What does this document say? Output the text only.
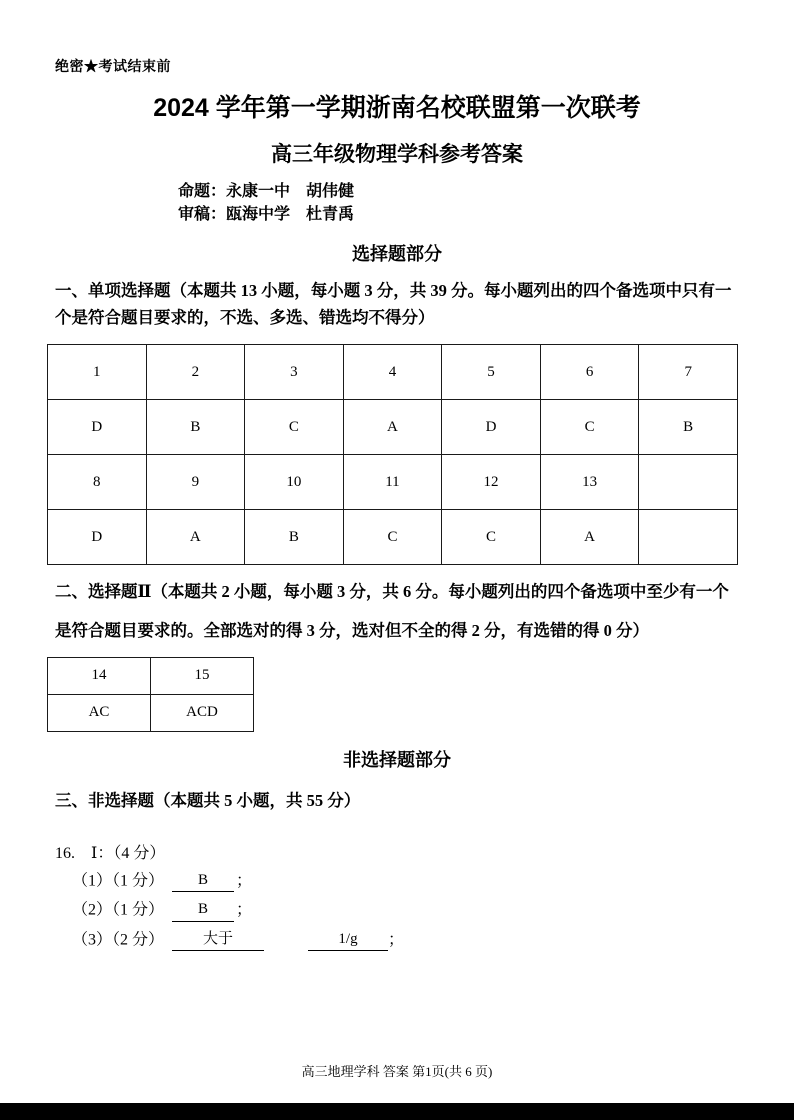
绝密★考试结束前
2024 学年第一学期浙南名校联盟第一次联考
高三年级物理学科参考答案
命题：永康一中　胡伟健
审稿：瓯海中学　杜青禹
选择题部分

一、单项选择题（本题共 13 小题，每小题 3 分，共 39 分。每小题列出的四个备选项中只有一个是符合题目要求的，不选、多选、错选均不得分）

1	2	3	4	5	6	7
D	B	C	A	D	C	B
8	9	10	11	12	13	
D	A	B	C	C	A	

二、选择题Ⅱ（本题共 2 小题，每小题 3 分，共 6 分。每小题列出的四个备选项中至少有一个是符合题目要求的。全部选对的得 3 分，选对但不全的得 2 分，有选错的得 0 分）

14	15
AC	ACD
非选择题部分

三、非选择题（本题共 5 小题，共 55 分）

16.　Ⅰ：（4 分）
（1）（1 分） B ；
（2）（1 分） B ；
（3）（2 分）	大于	1/g ；
高三地理学科 答案 第1页(共 6 页)
